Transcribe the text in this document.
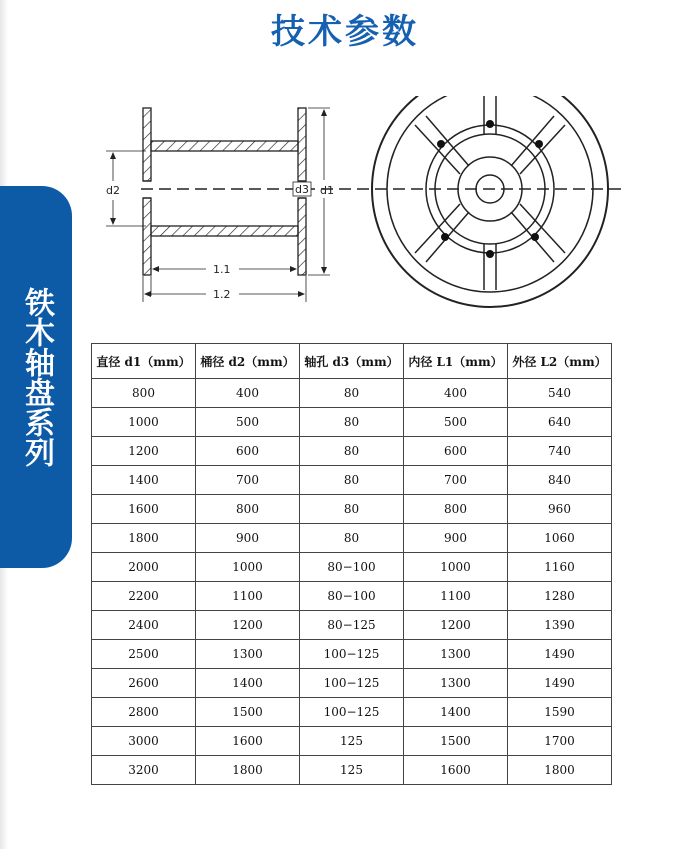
技术参数
铁木轴盘系列
d2	d3 d1
1.1
1.2
直径 d1（mm）	桶径 d2（mm）	轴孔 d3（mm）	内径 L1（mm）	外径 L2（mm）
800	400	80	400	540
1000	500	80	500	640
1200	600	80	600	740
1400	700	80	700	840
1600	800	80	800	960
1800	900	80	900	1060
2000	1000	80−100	1000	1160
2200	1100	80−100	1100	1280
2400	1200	80−125	1200	1390
2500	1300	100−125	1300	1490
2600	1400	100−125	1300	1490
2800	1500	100−125	1400	1590
3000	1600	125	1500	1700
3200	1800	125	1600	1800
